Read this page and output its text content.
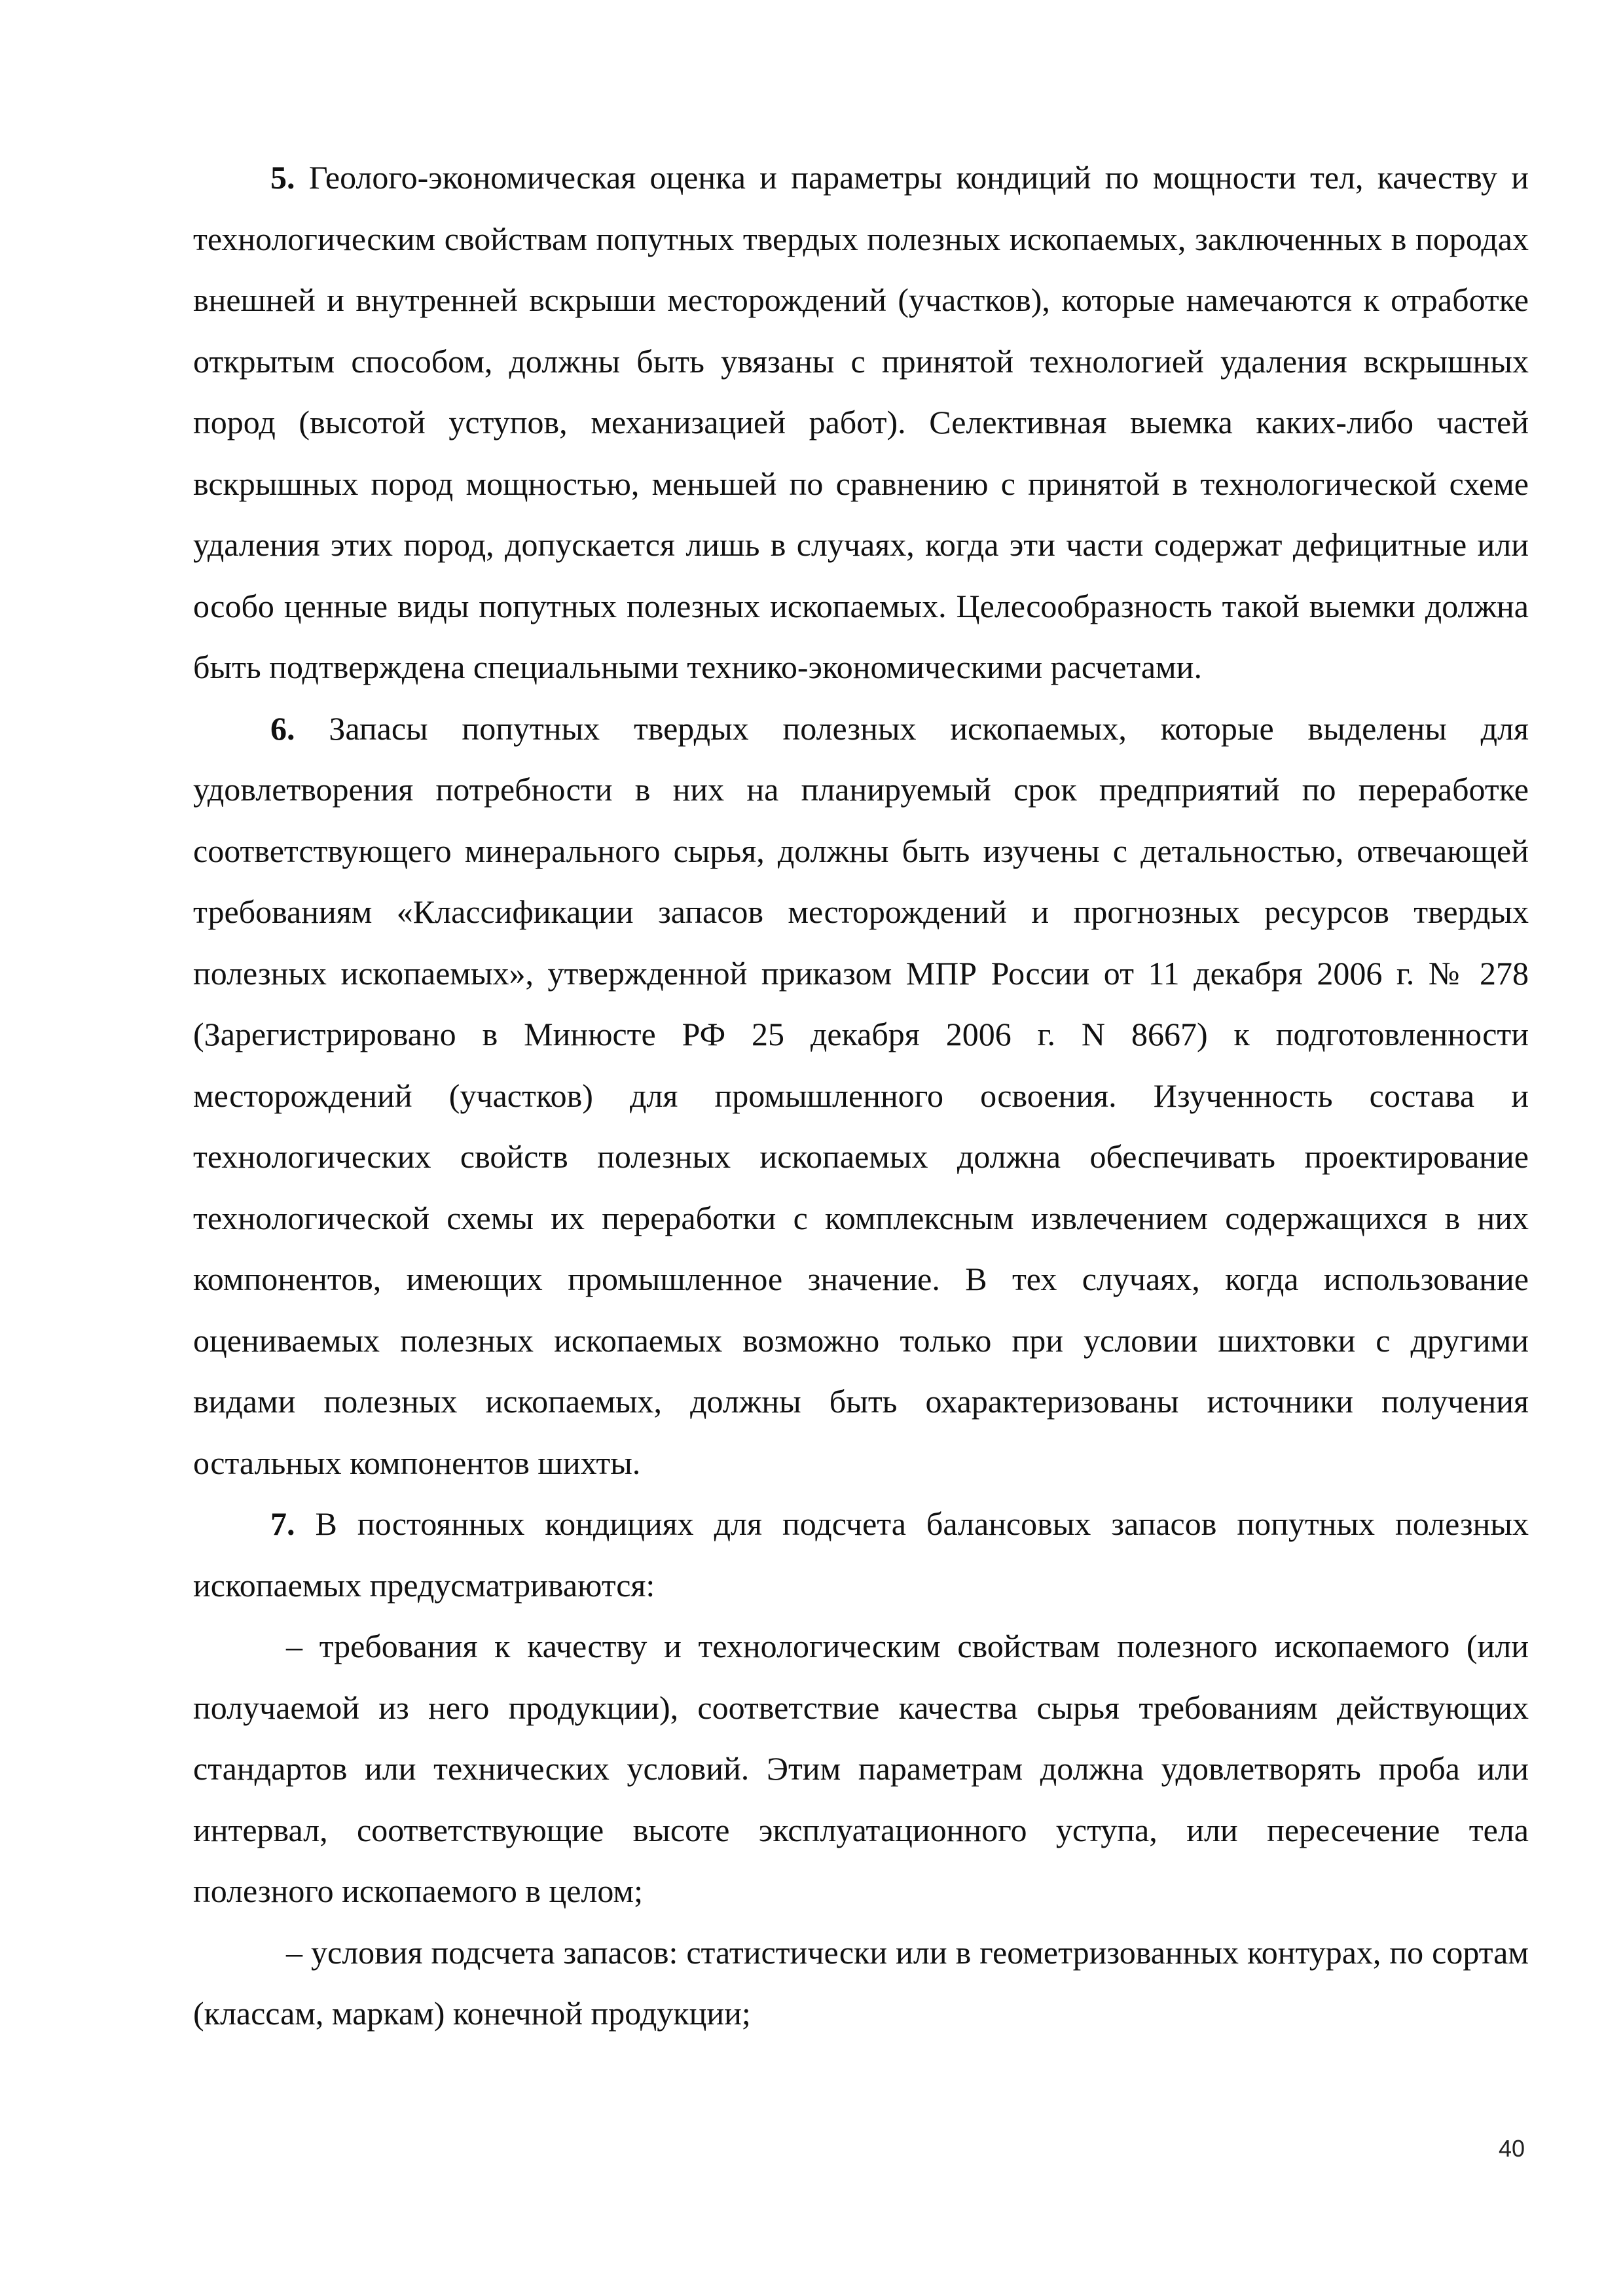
5. Геолого-экономическая оценка и параметры кондиций по мощности тел, качеству и технологическим свойствам попутных твердых полезных ископаемых, заключенных в породах внешней и внутренней вскрыши месторождений (участков), которые намечаются к отработке открытым способом, должны быть увязаны с принятой технологией удаления вскрышных пород (высотой уступов, механизацией работ). Селективная выемка каких-либо частей вскрышных пород мощностью, меньшей по сравнению с принятой в технологической схеме удаления этих пород, допускается лишь в случаях, когда эти части содержат дефицитные или особо ценные виды попутных полезных ископаемых. Целесообразность такой выемки должна быть подтверждена специальными технико-экономическими расчетами.

6. Запасы попутных твердых полезных ископаемых, которые выделены для удовлетворения потребности в них на планируемый срок предприятий по переработке соответствующего минерального сырья, должны быть изучены с детальностью, отвечающей требованиям «Классификации запасов месторождений и прогнозных ресурсов твердых полезных ископаемых», утвержденной приказом МПР России от 11 декабря 2006 г. № 278 (Зарегистрировано в Минюсте РФ 25 декабря 2006 г. N 8667) к подготовленности месторождений (участков) для промышленного освоения. Изученность состава и технологических свойств полезных ископаемых должна обеспечивать проектирование технологической схемы их переработки с комплексным извлечением содержащихся в них компонентов, имеющих промышленное значение. В тех случаях, когда использование оцениваемых полезных ископаемых возможно только при условии шихтовки с другими видами полезных ископаемых, должны быть охарактеризованы источники получения остальных компонентов шихты.

7. В постоянных кондициях для подсчета балансовых запасов попутных полезных ископаемых предусматриваются:

– требования к качеству и технологическим свойствам полезного ископаемого (или получаемой из него продукции), соответствие качества сырья требованиям действующих стандартов или технических условий. Этим параметрам должна удовлетворять проба или интервал, соответствующие высоте эксплуатационного уступа, или пересечение тела полезного ископаемого в целом;

– условия подсчета запасов: статистически или в геометризованных контурах, по сортам (классам, маркам) конечной продукции;

40
